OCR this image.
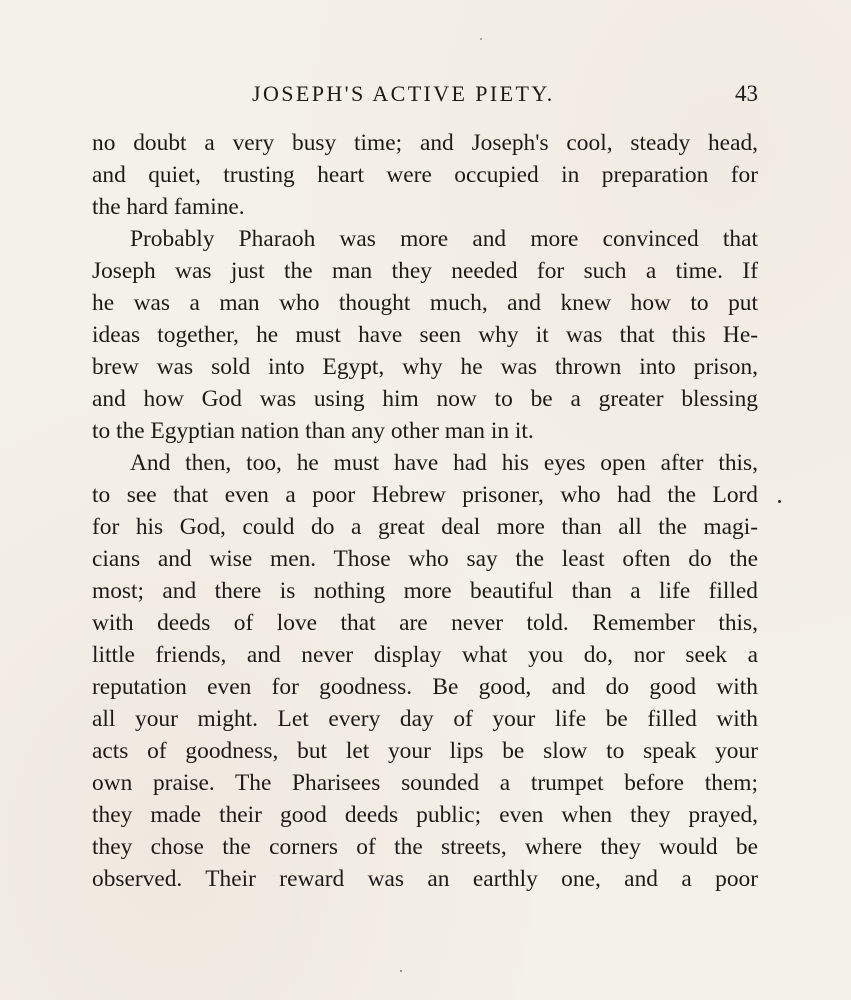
JOSEPH'S ACTIVE PIETY.	43
no doubt a very busy time; and Joseph's cool, steady head,
and quiet, trusting heart were occupied in preparation for
the hard famine.
Probably Pharaoh was more and more convinced that
Joseph was just the man they needed for such a time. If
he was a man who thought much, and knew how to put
ideas together, he must have seen why it was that this He-
brew was sold into Egypt, why he was thrown into prison,
and how God was using him now to be a greater blessing
to the Egyptian nation than any other man in it.
And then, too, he must have had his eyes open after this,
to see that even a poor Hebrew prisoner, who had the Lord
for his God, could do a great deal more than all the magi-
cians and wise men. Those who say the least often do the
most; and there is nothing more beautiful than a life filled
with deeds of love that are never told. Remember this,
little friends, and never display what you do, nor seek a
reputation even for goodness. Be good, and do good with
all your might. Let every day of your life be filled with
acts of goodness, but let your lips be slow to speak your
own praise. The Pharisees sounded a trumpet before them;
they made their good deeds public; even when they prayed,
they chose the corners of the streets, where they would be
observed. Their reward was an earthly one, and a poor
